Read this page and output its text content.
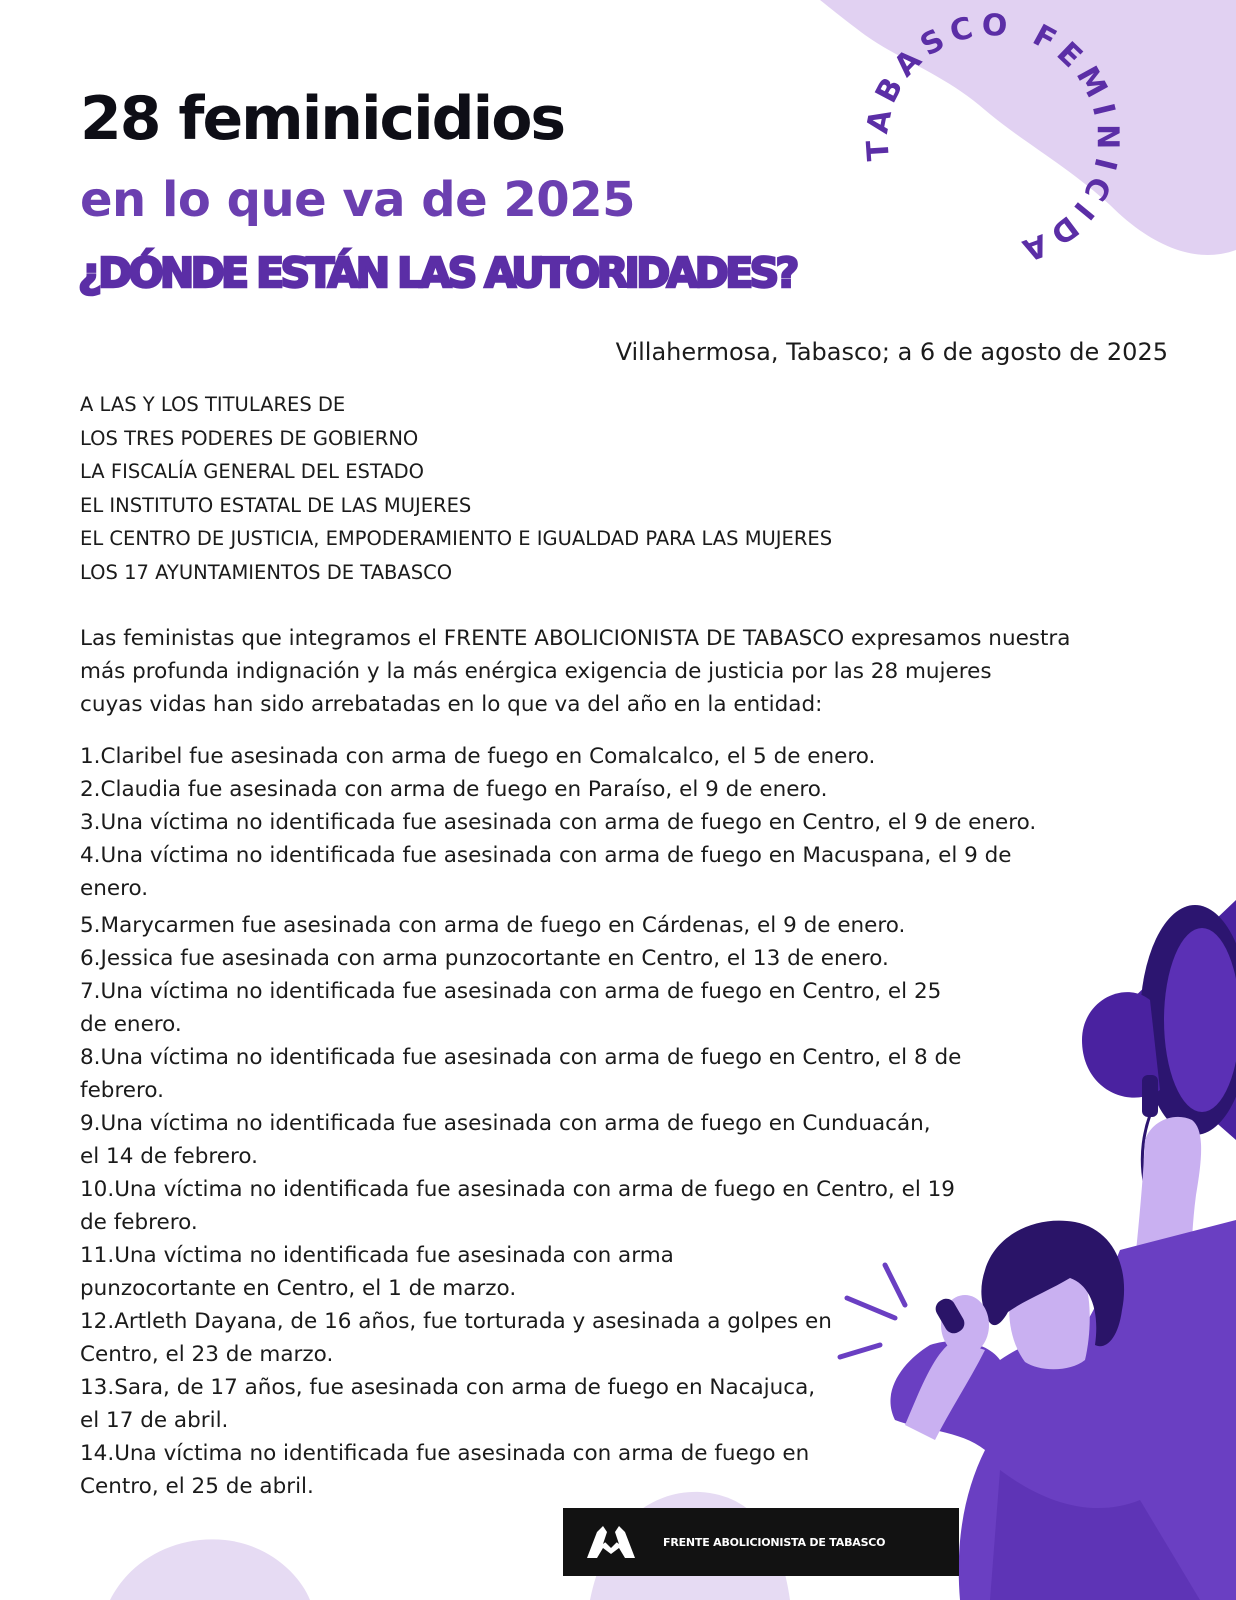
TABASCO FEMINICIDA
28 feminicidios
en lo que va de 2025
¿DÓNDE ESTÁN LAS AUTORIDADES?
Villahermosa, Tabasco; a 6 de agosto de 2025
A LAS Y LOS TITULARES DE
LOS TRES PODERES DE GOBIERNO
LA FISCALÍA GENERAL DEL ESTADO
EL INSTITUTO ESTATAL DE LAS MUJERES
EL CENTRO DE JUSTICIA, EMPODERAMIENTO E IGUALDAD PARA LAS MUJERES
LOS 17 AYUNTAMIENTOS DE TABASCO

Las feministas que integramos el FRENTE ABOLICIONISTA DE TABASCO expresamos nuestra
más profunda indignación y la más enérgica exigencia de justicia por las 28 mujeres
cuyas vidas han sido arrebatadas en lo que va del año en la entidad:

1.Claribel fue asesinada con arma de fuego en Comalcalco, el 5 de enero.
2.Claudia fue asesinada con arma de fuego en Paraíso, el 9 de enero.
3.Una víctima no identificada fue asesinada con arma de fuego en Centro, el 9 de enero.
4.Una víctima no identificada fue asesinada con arma de fuego en Macuspana, el 9 de
enero.
5.Marycarmen fue asesinada con arma de fuego en Cárdenas, el 9 de enero.
6.Jessica fue asesinada con arma punzocortante en Centro, el 13 de enero.
7.Una víctima no identificada fue asesinada con arma de fuego en Centro, el 25
de enero.
8.Una víctima no identificada fue asesinada con arma de fuego en Centro, el 8 de
febrero.
9.Una víctima no identificada fue asesinada con arma de fuego en Cunduacán,
el 14 de febrero.
10.Una víctima no identificada fue asesinada con arma de fuego en Centro, el 19
de febrero.
11.Una víctima no identificada fue asesinada con arma
punzocortante en Centro, el 1 de marzo.
12.Artleth Dayana, de 16 años, fue torturada y asesinada a golpes en
Centro, el 23 de marzo.
13.Sara, de 17 años, fue asesinada con arma de fuego en Nacajuca,
el 17 de abril.
14.Una víctima no identificada fue asesinada con arma de fuego en
Centro, el 25 de abril.
FRENTE ABOLICIONISTA DE TABASCO
